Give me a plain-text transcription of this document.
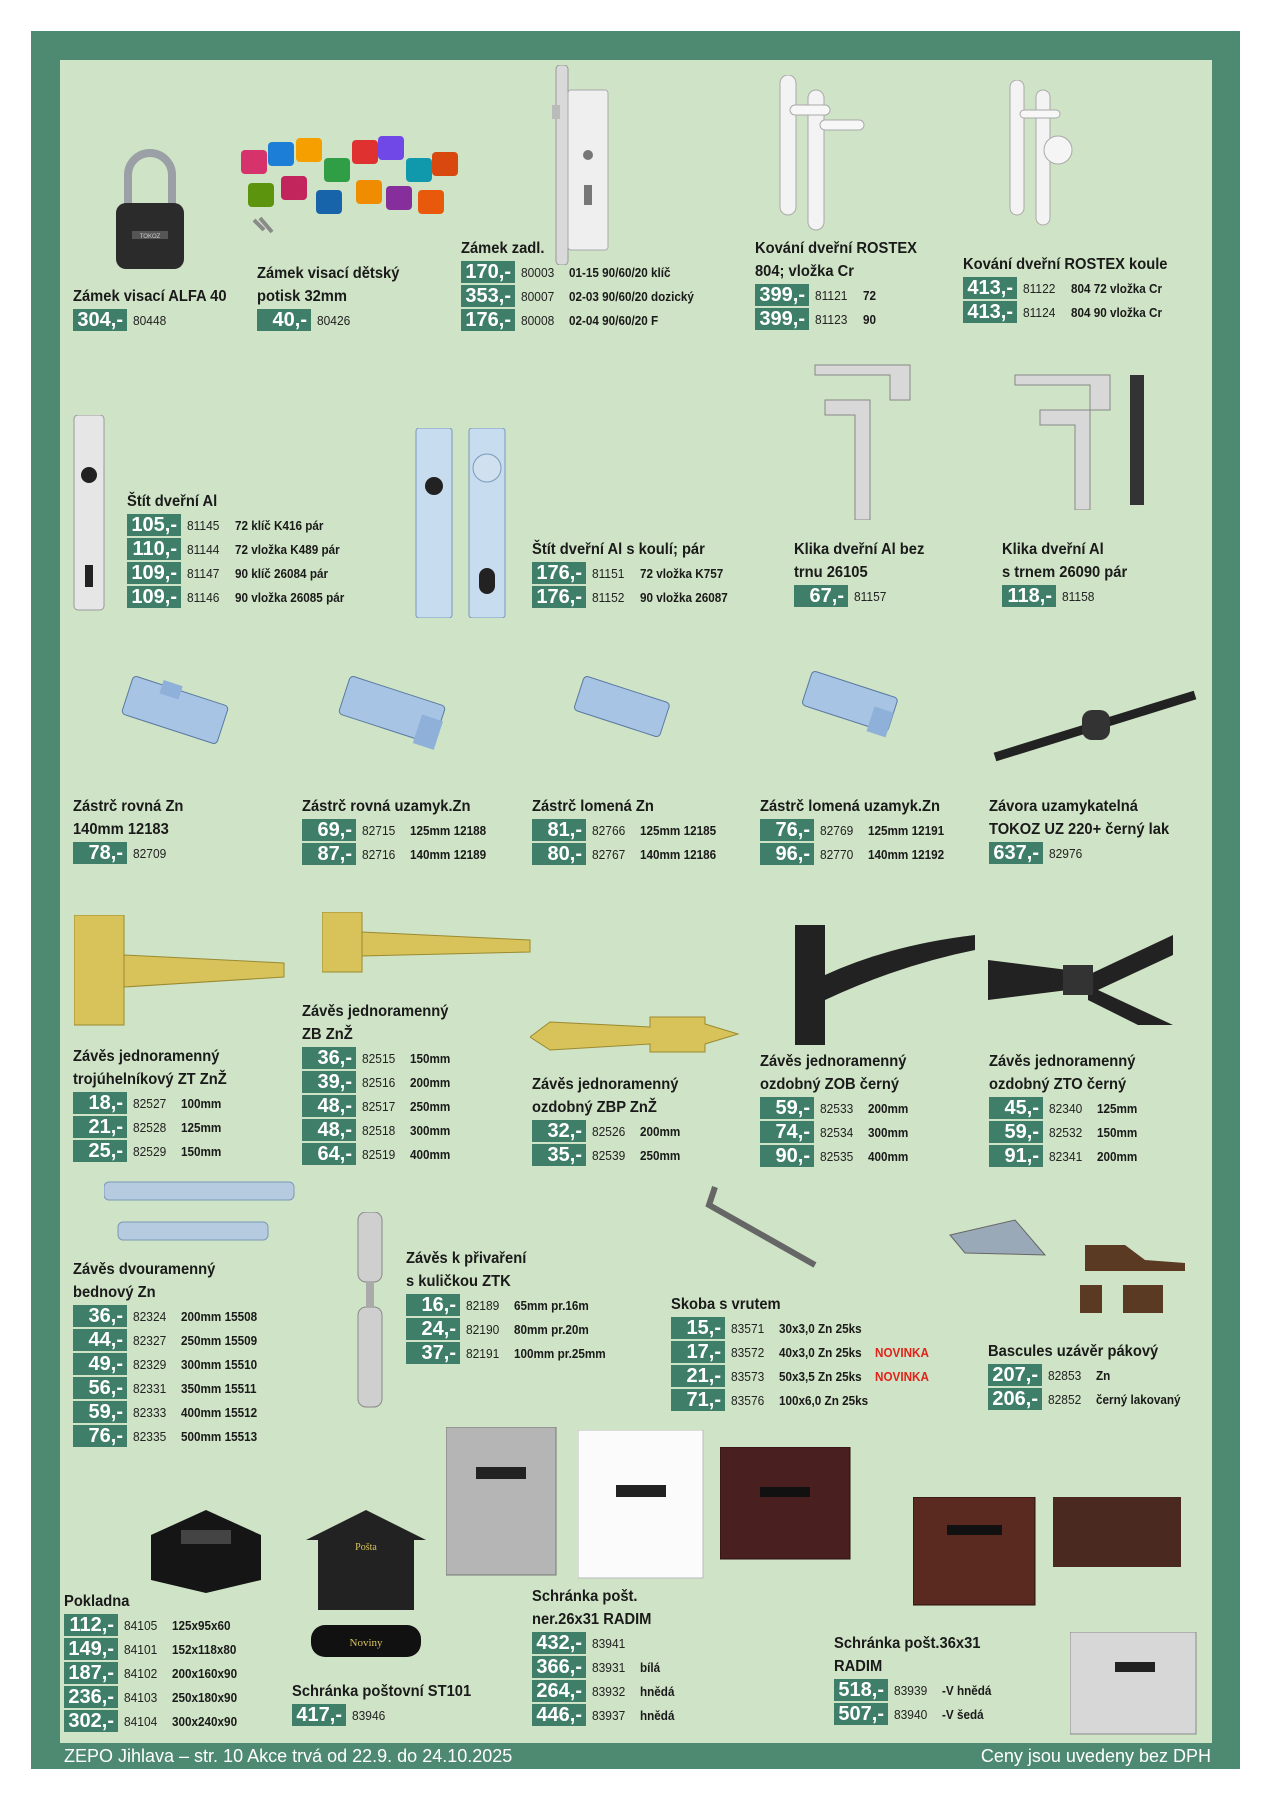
TOKOZ
Pošta
Noviny
Zámek visací ALFA 40
304,- 80448
Zámek visací dětský
potisk 32mm
40,- 80426
Zámek zadl.
170,- 80003	01-15 90/60/20 klíč
353,- 80007	02-03 90/60/20 dozický
176,- 80008	02-04 90/60/20 F
Kování dveřní ROSTEX
804; vložka Cr
399,- 81121	72
399,- 81123	90
Kování dveřní ROSTEX koule
413,- 81122	804 72 vložka Cr
413,- 81124	804 90 vložka Cr
Štít dveřní Al
105,- 81145	72 klíč K416 pár
110,- 81144	72 vložka K489 pár
109,- 81147	90 klíč 26084 pár
109,- 81146	90 vložka 26085 pár
Štít dveřní Al s koulí; pár
176,- 81151	72 vložka K757
176,- 81152	90 vložka 26087
Klika dveřní Al bez
trnu 26105
67,- 81157
Klika dveřní Al
s trnem 26090 pár
118,- 81158
Zástrč rovná Zn
140mm 12183
78,- 82709
Zástrč rovná uzamyk.Zn
69,- 82715	125mm 12188
87,- 82716	140mm 12189
Zástrč lomená Zn
81,- 82766	125mm 12185
80,- 82767	140mm 12186
Zástrč lomená uzamyk.Zn
76,- 82769	125mm 12191
96,- 82770	140mm 12192
Závora uzamykatelná
TOKOZ UZ 220+ černý lak
637,- 82976
Závěs jednoramenný
trojúhelníkový ZT ZnŽ
18,- 82527	100mm
21,- 82528	125mm
25,- 82529	150mm
Závěs jednoramenný
ZB ZnŽ
36,- 82515	150mm
39,- 82516	200mm
48,- 82517	250mm
48,- 82518	300mm
64,- 82519	400mm
Závěs jednoramenný
ozdobný ZBP ZnŽ
32,- 82526	200mm
35,- 82539	250mm
Závěs jednoramenný
ozdobný ZOB černý
59,- 82533	200mm
74,- 82534	300mm
90,- 82535	400mm
Závěs jednoramenný
ozdobný ZTO černý
45,- 82340	125mm
59,- 82532	150mm
91,- 82341	200mm
Závěs dvouramenný
bednový Zn
36,- 82324	200mm 15508
44,- 82327	250mm 15509
49,- 82329	300mm 15510
56,- 82331	350mm 15511
59,- 82333	400mm 15512
76,- 82335	500mm 15513
Závěs k přivaření
s kuličkou ZTK
16,- 82189	65mm pr.16m
24,- 82190	80mm pr.20m
37,- 82191	100mm pr.25mm
Skoba s vrutem
15,- 83571	30x3,0 Zn 25ks
17,- 83572	40x3,0 Zn 25ks NOVINKA
21,- 83573	50x3,5 Zn 25ks NOVINKA
71,- 83576	100x6,0 Zn 25ks
Bascules uzávěr pákový
207,- 82853	Zn
206,- 82852	černý lakovaný
Pokladna
112,- 84105	125x95x60
149,- 84101	152x118x80
187,- 84102	200x160x90
236,- 84103	250x180x90
302,- 84104	300x240x90
Schránka poštovní ST101
417,- 83946
Schránka pošt.
ner.26x31 RADIM
432,- 83941
366,- 83931	bílá
264,- 83932	hnědá
446,- 83937	hnědá
Schránka pošt.36x31
RADIM
518,- 83939	-V hnědá
507,- 83940	-V šedá
ZEPO Jihlava – str. 10 Akce trvá od 22.9. do 24.10.2025	Ceny jsou uvedeny bez DPH
